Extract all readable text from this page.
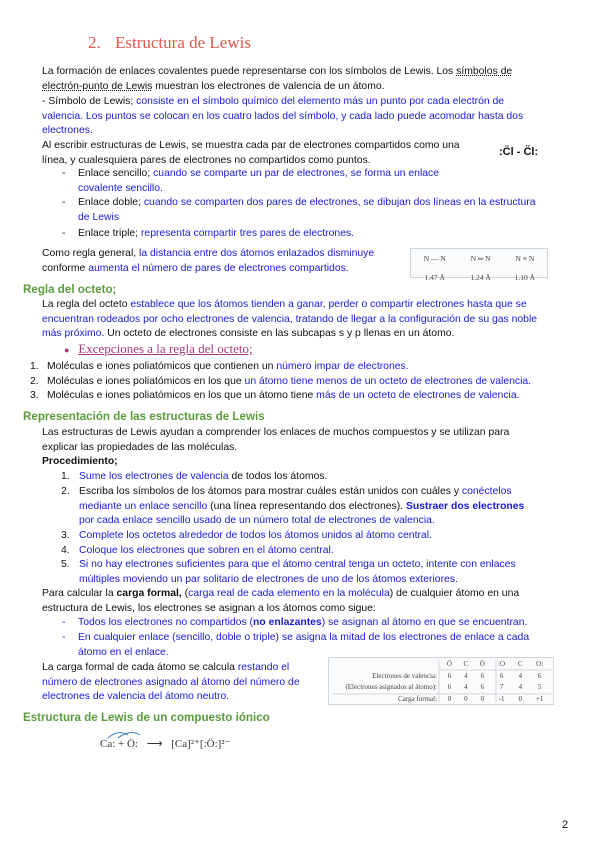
2. Estructura de Lewis
La formación de enlaces covalentes puede representarse con los símbolos de Lewis. Los símbolos de
electrón-punto de Lewis muestran los electrones de valencia de un átomo.
- Símbolo de Lewis; consiste en el símbolo químico del elemento más un punto por cada electrón de
valencia. Los puntos se colocan en los cuatro lados del símbolo, y cada lado puede acomodar hasta dos
electrones.
Al escribir estructuras de Lewis, se muestra cada par de electrones compartidos como una
línea, y cualesquiera pares de electrones no compartidos como puntos.
:C̈l - C̈l:
- Enlace sencillo; cuando se comparte un par de electrones, se forma un enlace
covalente sencillo.
- Enlace doble; cuando se comparten dos pares de electrones, se dibujan dos líneas en la estructura
de Lewis
- Enlace triple; representa compartir tres pares de electrones.
Como regla general, la distancia entre dos átomos enlazados disminuye
conforme aumenta el número de pares de electrones compartidos.
N — N	N ═ N	N ≡ N
1.47 Å	1.24 Å	1.10 Å
Regla del octeto;
La regla del octeto establece que los átomos tienden a ganar, perder o compartir electrones hasta que se
encuentran rodeados por ocho electrones de valencia, tratando de llegar a la configuración de su gas noble
más próximo. Un octeto de electrones consiste en las subcapas s y p llenas en un átomo.
● Excepciones a la regla del octeto;
1. Moléculas e iones poliatómicos que contienen un número impar de electrones.
2. Moléculas e iones poliatómicos en los que un átomo tiene menos de un octeto de electrones de valencia.
3. Moléculas e iones poliatómicos en los que un átomo tiene más de un octeto de electrones de valencia.
Representación de las estructuras de Lewis
Las estructuras de Lewis ayudan a comprender los enlaces de muchos compuestos y se utilizan para
explicar las propiedades de las moléculas.
Procedimiento;
1. Sume los electrones de valencia de todos los átomos.
2. Escriba los símbolos de los átomos para mostrar cuáles están unidos con cuáles y conéctelos
mediante un enlace sencillo (una línea representando dos electrones). Sustraer dos electrones
por cada enlace sencillo usado de un número total de electrones de valencia.
3. Complete los octetos alrededor de todos los átomos unidos al átomo central.
4. Coloque los electrones que sobren en el átomo central.
5. Si no hay electrones suficientes para que el átomo central tenga un octeto, intente con enlaces
múltiples moviendo un par solitario de electrones de uno de los átomos exteriores.
Para calcular la carga formal, (carga real de cada elemento en la molécula) de cualquier átomo en una
estructura de Lewis, los electrones se asignan a los átomos como sigue:
- Todos los electrones no compartidos (no enlazantes) se asignan al átomo en que se encuentran.
- En cualquier enlace (sencillo, doble o triple) se asigna la mitad de los electrones de enlace a cada
átomo en el enlace.
La carga formal de cada átomo se calcula restando el
número de electrones asignado al átomo del número de
electrones de valencia del átomo neutro.
	Ö	C	Ö	:O	C	O:
Electrones de valencia:	6	4	6	6	4	6
(Electrones asignados al átomo):	6	4	6	7	4	5
Carga formal:	0	0	0	-1	0	+1
Estructura de Lewis de un compuesto iónico
Ca: + Ö: ⟶ [Ca]²⁺[:Ö:]²⁻
2
